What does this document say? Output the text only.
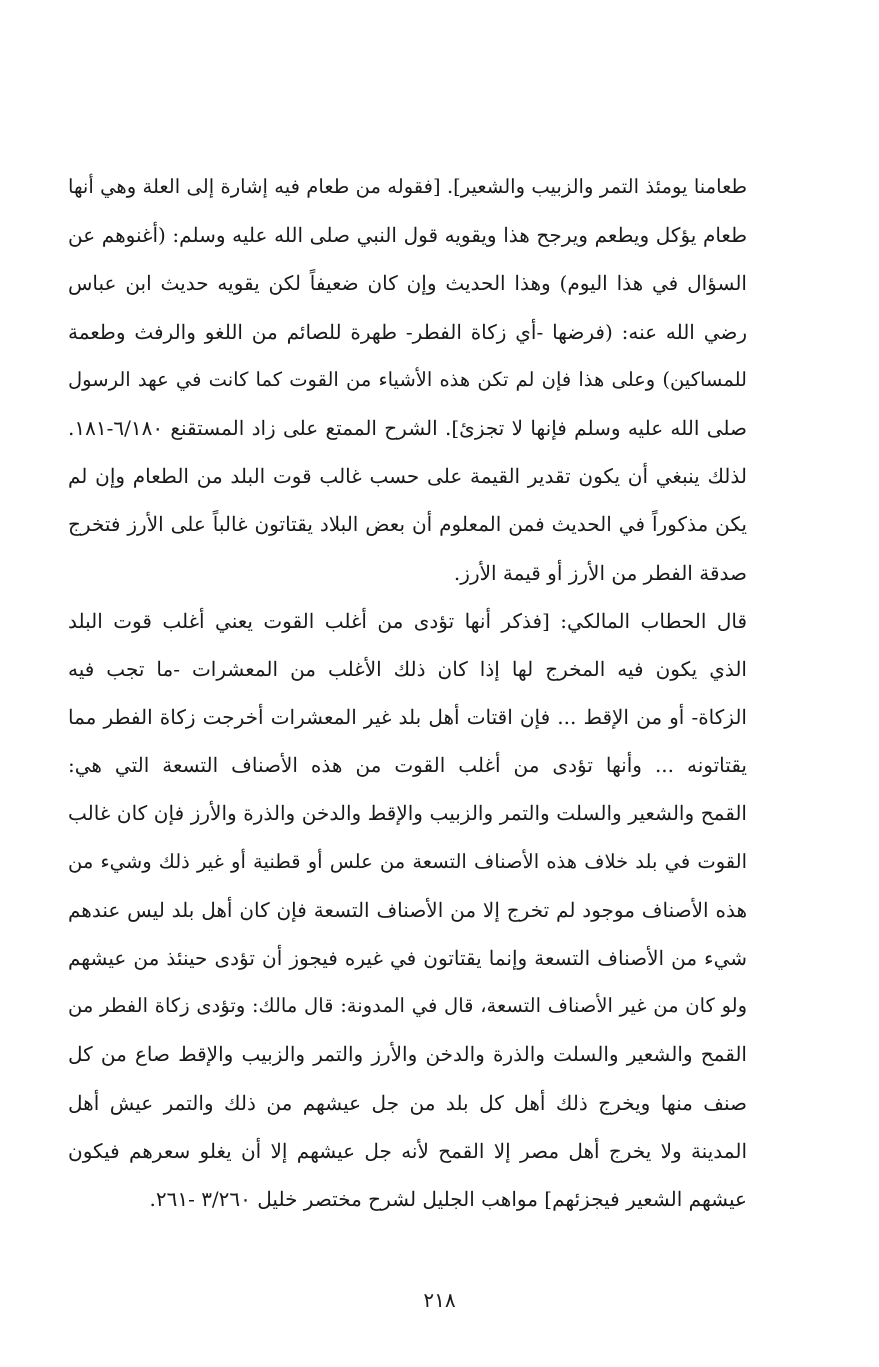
طعامنا يومئذ التمر والزبيب والشعير]. [فقوله من طعام فيه إشارة إلى العلة وهي أنها
طعام يؤكل ويطعم ويرجح هذا ويقويه قول النبي صلى الله عليه وسلم: (أغنوهم عن
السؤال في هذا اليوم) وهذا الحديث وإن كان ضعيفاً لكن يقويه حديث ابن عباس
رضي الله عنه: (فرضها -أي زكاة الفطر- طهرة للصائم من اللغو والرفث وطعمة
للمساكين) وعلى هذا فإن لم تكن هذه الأشياء من القوت كما كانت في عهد الرسول
صلى الله عليه وسلم فإنها لا تجزئ]. الشرح الممتع على زاد المستقنع ٦/١٨٠-١٨١.
لذلك ينبغي أن يكون تقدير القيمة على حسب غالب قوت البلد من الطعام وإن لم
يكن مذكوراً في الحديث فمن المعلوم أن بعض البلاد يقتاتون غالباً على الأرز فتخرج
صدقة الفطر من الأرز أو قيمة الأرز.
قال الحطاب المالكي: [فذكر أنها تؤدى من أغلب القوت يعني أغلب قوت البلد
الذي يكون فيه المخرج لها إذا كان ذلك الأغلب من المعشرات -ما تجب فيه
الزكاة- أو من الإقط ... فإن اقتات أهل بلد غير المعشرات أخرجت زكاة الفطر مما
يقتاتونه ... وأنها تؤدى من أغلب القوت من هذه الأصناف التسعة التي هي:
القمح والشعير والسلت والتمر والزبيب والإقط والدخن والذرة والأرز فإن كان غالب
القوت في بلد خلاف هذه الأصناف التسعة من علس أو قطنية أو غير ذلك وشيء من
هذه الأصناف موجود لم تخرج إلا من الأصناف التسعة فإن كان أهل بلد ليس عندهم
شيء من الأصناف التسعة وإنما يقتاتون في غيره فيجوز أن تؤدى حينئذ من عيشهم
ولو كان من غير الأصناف التسعة، قال في المدونة: قال مالك: وتؤدى زكاة الفطر من
القمح والشعير والسلت والذرة والدخن والأرز والتمر والزبيب والإقط صاع من كل
صنف منها ويخرج ذلك أهل كل بلد من جل عيشهم من ذلك والتمر عيش أهل
المدينة ولا يخرج أهل مصر إلا القمح لأنه جل عيشهم إلا أن يغلو سعرهم فيكون
عيشهم الشعير فيجزئهم] مواهب الجليل لشرح مختصر خليل ٣/٢٦٠ -٢٦١.
٢١٨
